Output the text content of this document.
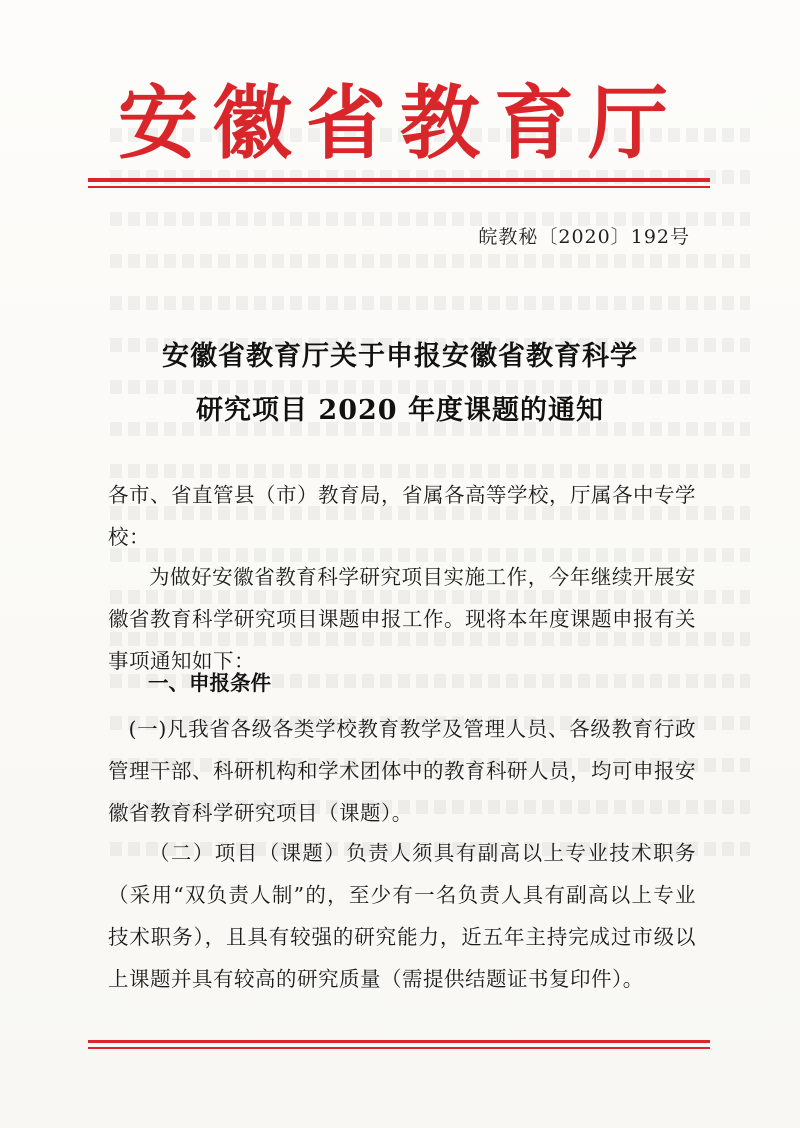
安徽省教育厅
皖教秘〔2020〕192号
安徽省教育厅关于申报安徽省教育科学
研究项目 2020 年度课题的通知
各市、省直管县（市）教育局，省属各高等学校，厅属各中专学校：
为做好安徽省教育科学研究项目实施工作，今年继续开展安徽省教育科学研究项目课题申报工作。现将本年度课题申报有关事项通知如下：
一、申报条件
(一)凡我省各级各类学校教育教学及管理人员、各级教育行政管理干部、科研机构和学术团体中的教育科研人员，均可申报安徽省教育科学研究项目（课题）。
（二）项目（课题）负责人须具有副高以上专业技术职务（采用“双负责人制”的，至少有一名负责人具有副高以上专业技术职务），且具有较强的研究能力，近五年主持完成过市级以上课题并具有较高的研究质量（需提供结题证书复印件）。
